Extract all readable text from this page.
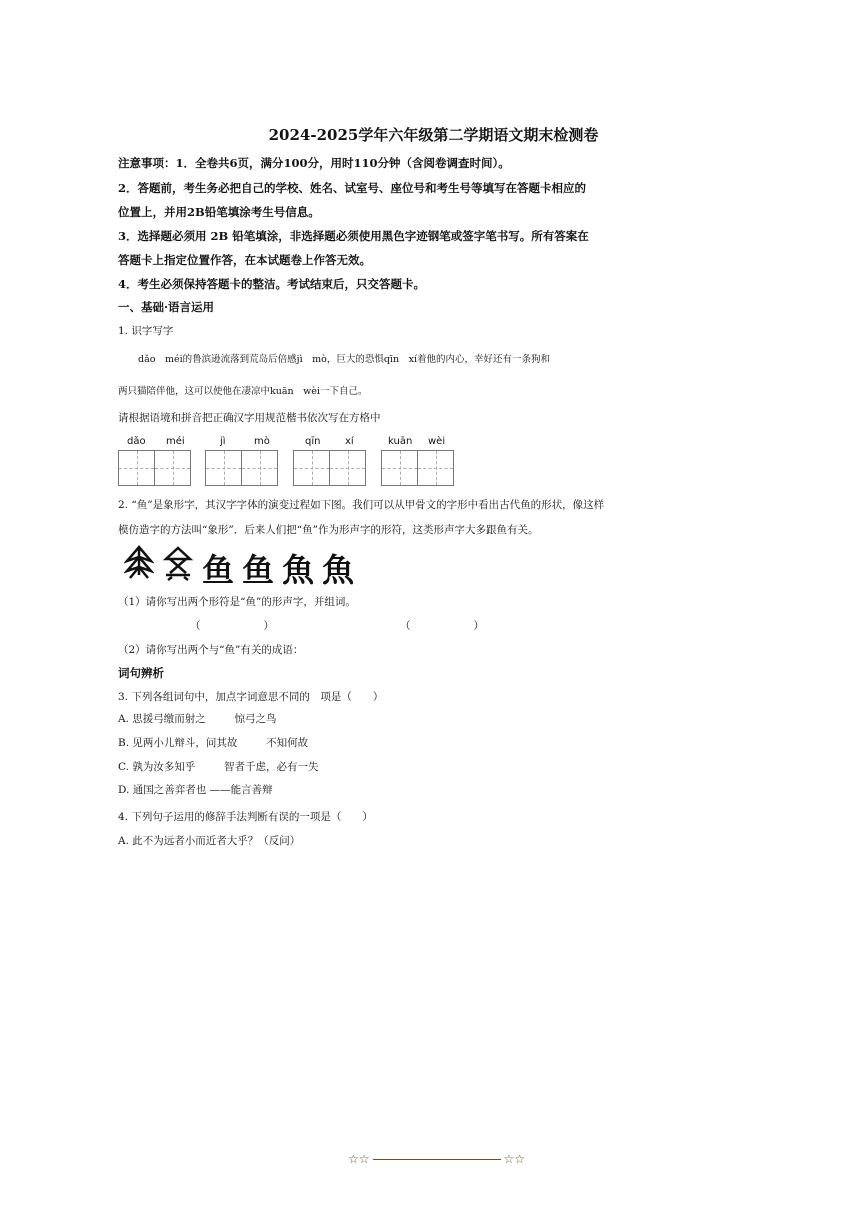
2024-2025学年六年级第二学期语文期末检测卷
注意事项：1．全卷共6页，满分100分，用时110分钟（含阅卷调查时间）。
2．答题前，考生务必把自己的学校、姓名、试室号、座位号和考生号等填写在答题卡相应的
位置上，并用2B铅笔填涂考生号信息。
3．选择题必须用 2B 铅笔填涂，非选择题必须使用黑色字迹钢笔或签字笔书写。所有答案在
答题卡上指定位置作答，在本试题卷上作答无效。
4．考生必须保持答题卡的整洁。考试结束后，只交答题卡。
一、基础·语言运用
1. 识字写字
dǎo　méi的鲁滨逊流落到荒岛后倍感jì　mò，巨大的恐惧qīn　xí着他的内心，幸好还有一条狗和
两只猫陪伴他，这可以使他在凄凉中kuān　wèi一下自己。
请根据语境和拼音把正确汉字用规范楷书依次写在方格中
dǎo méi	jì	mò	qīn xí	kuān wèi
2. “鱼”是象形字，其汉字字体的演变过程如下图。我们可以从甲骨文的字形中看出古代鱼的形状，像这样
模仿造字的方法叫“象形”．后来人们把“鱼”作为形声字的形符，这类形声字大多跟鱼有关。
鱼 鱼 魚 魚
（1）请你写出两个形符是“鱼”的形声字，并组词。
（　　　　　　）	（　　　　　　）
（2）请你写出两个与“鱼”有关的成语：
词句辨析
3. 下列各组词句中，加点字词意思不同的　项是（　　）
A. 思援弓缴而射之	惊弓之鸟
B. 见两小儿辩斗，问其故	不知何故
C. 孰为汝多知乎	智者千虑，必有一失
D. 通国之善弈者也 ——能言善辩
4. 下列句子运用的修辞手法判断有误的一项是（　　）
A. 此不为远者小而近者大乎？（反问）
☆☆	☆☆
